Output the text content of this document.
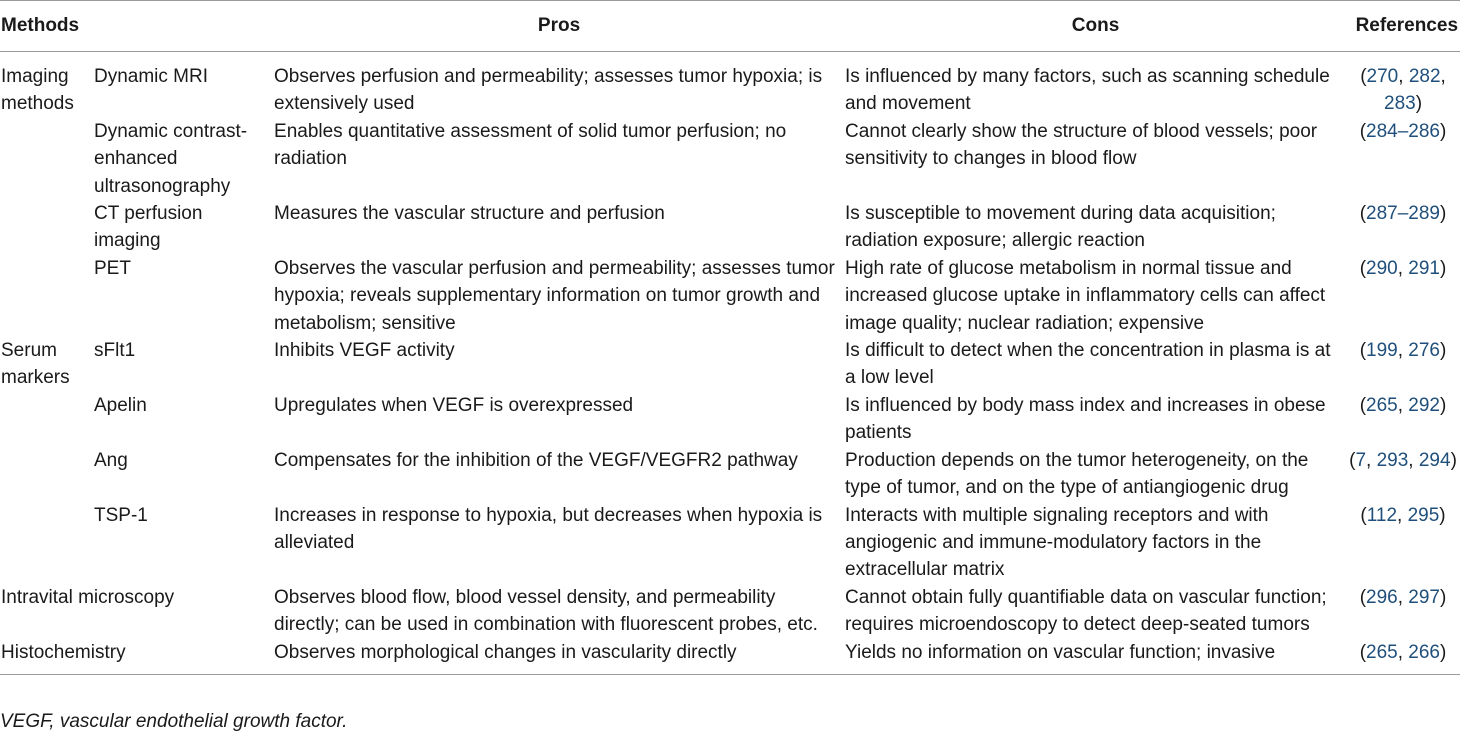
Methods		Pros	Cons	References
Imaging methods	Dynamic MRI	Observes perfusion and permeability; assesses tumor hypoxia; is extensively used	Is influenced by many factors, such as scanning schedule and movement	(270, 282, 283)
	Dynamic contrast-enhanced ultrasonography	Enables quantitative assessment of solid tumor perfusion; no radiation	Cannot clearly show the structure of blood vessels; poor sensitivity to changes in blood flow	(284–286)
	CT perfusion imaging	Measures the vascular structure and perfusion	Is susceptible to movement during data acquisition; radiation exposure; allergic reaction	(287–289)
	PET	Observes the vascular perfusion and permeability; assesses tumor hypoxia; reveals supplementary information on tumor growth and metabolism; sensitive	High rate of glucose metabolism in normal tissue and increased glucose uptake in inflammatory cells can affect image quality; nuclear radiation; expensive	(290, 291)
Serum markers	sFlt1	Inhibits VEGF activity	Is difficult to detect when the concentration in plasma is at a low level	(199, 276)
	Apelin	Upregulates when VEGF is overexpressed	Is influenced by body mass index and increases in obese patients	(265, 292)
	Ang	Compensates for the inhibition of the VEGF/VEGFR2 pathway	Production depends on the tumor heterogeneity, on the type of tumor, and on the type of antiangiogenic drug	(7, 293, 294)
	TSP-1	Increases in response to hypoxia, but decreases when hypoxia is alleviated	Interacts with multiple signaling receptors and with angiogenic and immune-modulatory factors in the extracellular matrix	(112, 295)
Intravital microscopy		Observes blood flow, blood vessel density, and permeability directly; can be used in combination with fluorescent probes, etc.	Cannot obtain fully quantifiable data on vascular function; requires microendoscopy to detect deep-seated tumors	(296, 297)
Histochemistry		Observes morphological changes in vascularity directly	Yields no information on vascular function; invasive	(265, 266)
VEGF, vascular endothelial growth factor.
